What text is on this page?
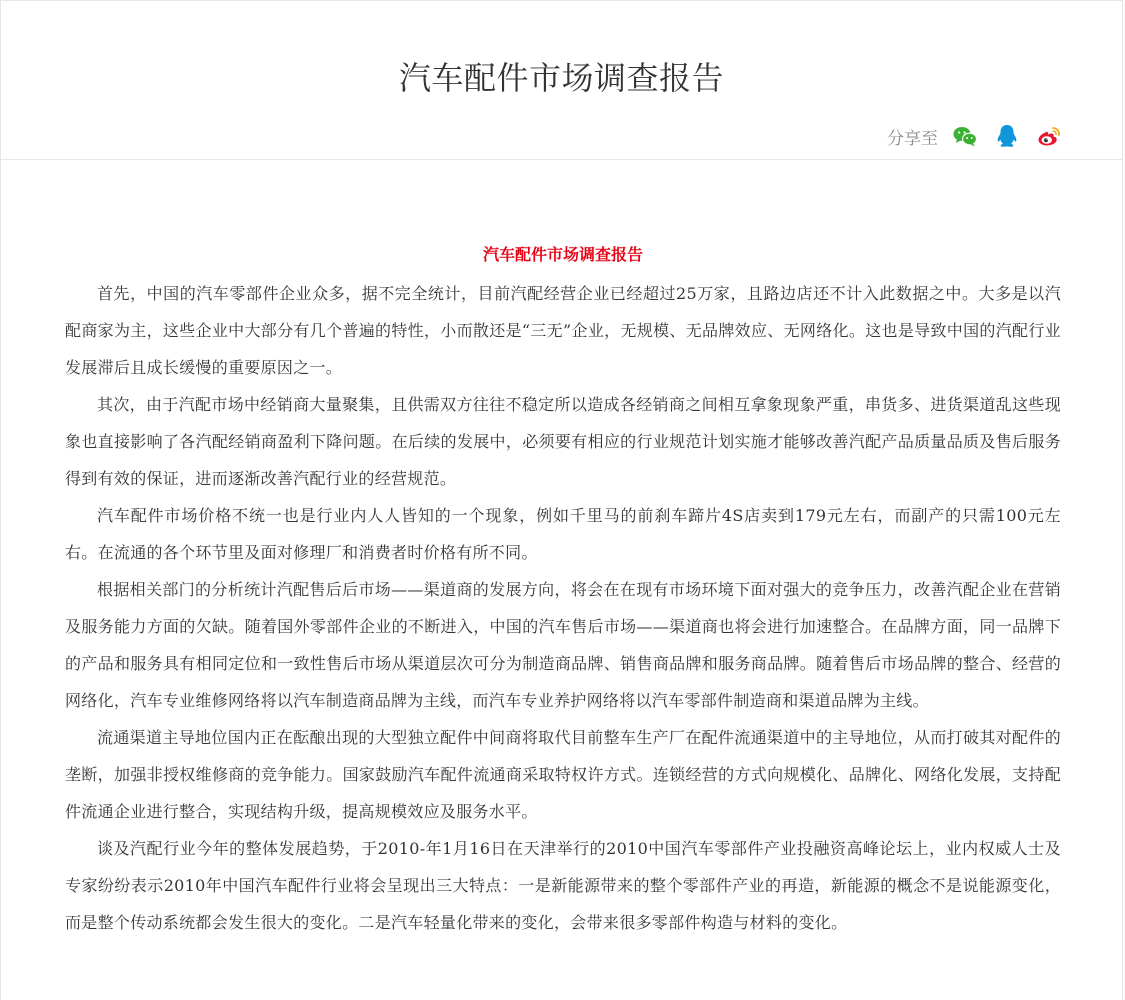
汽车配件市场调查报告
分享至
汽车配件市场调查报告

首先，中国的汽车零部件企业众多，据不完全统计，目前汽配经营企业已经超过25万家，且路边店还不计入此数据之中。大多是以汽配商家为主，这些企业中大部分有几个普遍的特性，小而散还是“三无”企业，无规模、无品牌效应、无网络化。这也是导致中国的汽配行业发展滞后且成长缓慢的重要原因之一。

其次，由于汽配市场中经销商大量聚集，且供需双方往往不稳定所以造成各经销商之间相互拿象现象严重，串货多、进货渠道乱这些现象也直接影响了各汽配经销商盈利下降问题。在后续的发展中，必须要有相应的行业规范计划实施才能够改善汽配产品质量品质及售后服务得到有效的保证，进而逐渐改善汽配行业的经营规范。

汽车配件市场价格不统一也是行业内人人皆知的一个现象，例如千里马的前刹车蹄片4S店卖到179元左右，而副产的只需100元左右。在流通的各个环节里及面对修理厂和消费者时价格有所不同。

根据相关部门的分析统计汽配售后后市场——渠道商的发展方向，将会在在现有市场环境下面对强大的竞争压力，改善汽配企业在营销及服务能力方面的欠缺。随着国外零部件企业的不断进入，中国的汽车售后市场——渠道商也将会进行加速整合。在品牌方面，同一品牌下的产品和服务具有相同定位和一致性售后市场从渠道层次可分为制造商品牌、销售商品牌和服务商品牌。随着售后市场品牌的整合、经营的网络化，汽车专业维修网络将以汽车制造商品牌为主线，而汽车专业养护网络将以汽车零部件制造商和渠道品牌为主线。

流通渠道主导地位国内正在酝酿出现的大型独立配件中间商将取代目前整车生产厂在配件流通渠道中的主导地位，从而打破其对配件的垄断，加强非授权维修商的竞争能力。国家鼓励汽车配件流通商采取特权许方式。连锁经营的方式向规模化、品牌化、网络化发展，支持配件流通企业进行整合，实现结构升级，提高规模效应及服务水平。

谈及汽配行业今年的整体发展趋势，于2010-年1月16日在天津举行的2010中国汽车零部件产业投融资高峰论坛上，业内权威人士及专家纷纷表示2010年中国汽车配件行业将会呈现出三大特点：一是新能源带来的整个零部件产业的再造，新能源的概念不是说能源变化，而是整个传动系统都会发生很大的变化。二是汽车轻量化带来的变化，会带来很多零部件构造与材料的变化。
